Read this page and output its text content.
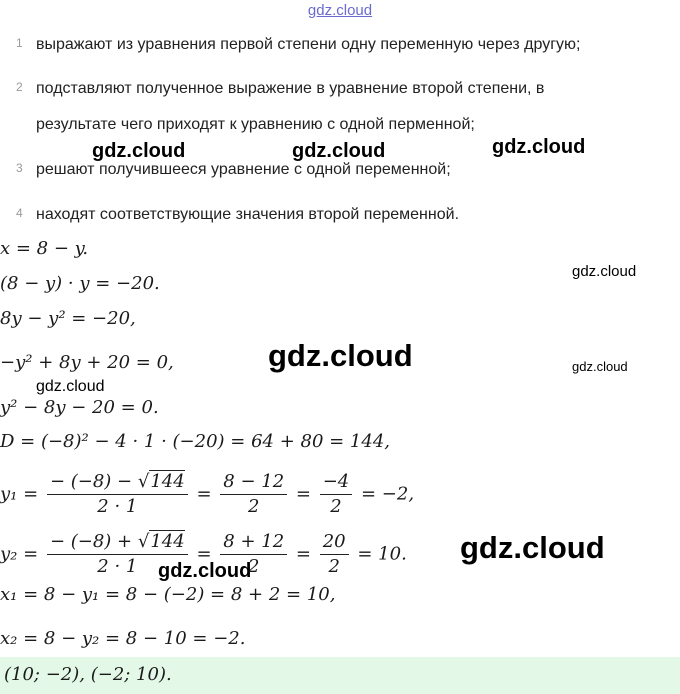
gdz.cloud
1 выражают из уравнения первой степени одну переменную через другую;
2 подставляют полученное выражение в уравнение второй степени, в
результате чего приходят к уравнению с одной перменной;
3 решают получившееся уравнение с одной переменной;
4 находят соответствующие значения второй переменной.
x = 8 − y.
(8 − y) · y = −20.
8y − y² = −20,
−y² + 8y + 20 = 0,
y² − 8y − 20 = 0.
D = (−8)² − 4 · 1 · (−20) = 64 + 80 = 144,
$y_1 = \frac{- (-8) - √144}{2 \cdot 1} = \frac{8 - 12}{2} = \frac{-4}{2} = -2$,
$y_2 = \frac{- (-8) + √144}{2 \cdot 1} = \frac{8 + 12}{2} = \frac{20}{2} = 10$.
x₁ = 8 − y₁ = 8 − (−2) = 8 + 2 = 10,
x₂ = 8 − y₂ = 8 − 10 = −2.
(10; −2), (−2; 10).
gdz.cloud	gdz.cloud	gdz.cloud
gdz.cloud
gdz.cloud	gdz.cloud
gdz.cloud
gdz.cloud
gdz.cloud
